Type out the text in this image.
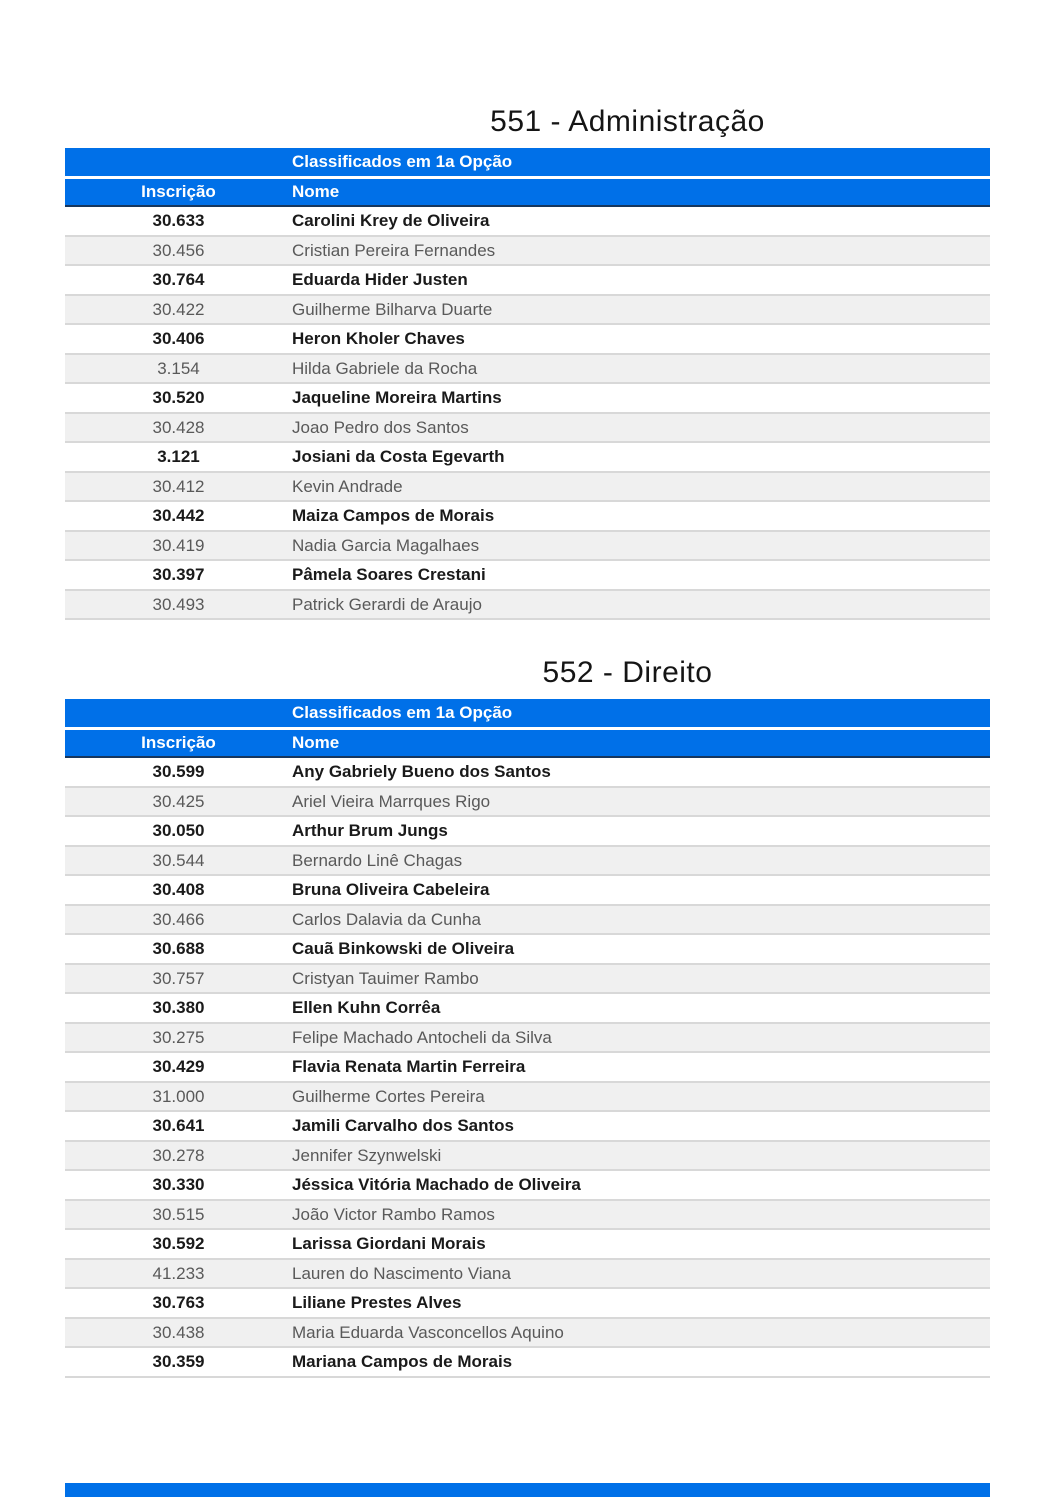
551 - Administração
Classificados em 1a Opção
Inscrição	Nome
30.633	Carolini Krey de Oliveira
30.456	Cristian Pereira Fernandes
30.764	Eduarda Hider Justen
30.422	Guilherme Bilharva Duarte
30.406	Heron Kholer Chaves
3.154	Hilda Gabriele da Rocha
30.520	Jaqueline Moreira Martins
30.428	Joao Pedro dos Santos
3.121	Josiani da Costa Egevarth
30.412	Kevin Andrade
30.442	Maiza Campos de Morais
30.419	Nadia Garcia Magalhaes
30.397	Pâmela Soares Crestani
30.493	Patrick Gerardi de Araujo
552 - Direito
Classificados em 1a Opção
Inscrição	Nome
30.599	Any Gabriely Bueno dos Santos
30.425	Ariel Vieira Marrques Rigo
30.050	Arthur Brum Jungs
30.544	Bernardo Linê Chagas
30.408	Bruna Oliveira Cabeleira
30.466	Carlos Dalavia da Cunha
30.688	Cauã Binkowski de Oliveira
30.757	Cristyan Tauimer Rambo
30.380	Ellen Kuhn Corrêa
30.275	Felipe Machado Antocheli da Silva
30.429	Flavia Renata Martin Ferreira
31.000	Guilherme Cortes Pereira
30.641	Jamili Carvalho dos Santos
30.278	Jennifer Szynwelski
30.330	Jéssica Vitória Machado de Oliveira
30.515	João Victor Rambo Ramos
30.592	Larissa Giordani Morais
41.233	Lauren do Nascimento Viana
30.763	Liliane Prestes Alves
30.438	Maria Eduarda Vasconcellos Aquino
30.359	Mariana Campos de Morais
